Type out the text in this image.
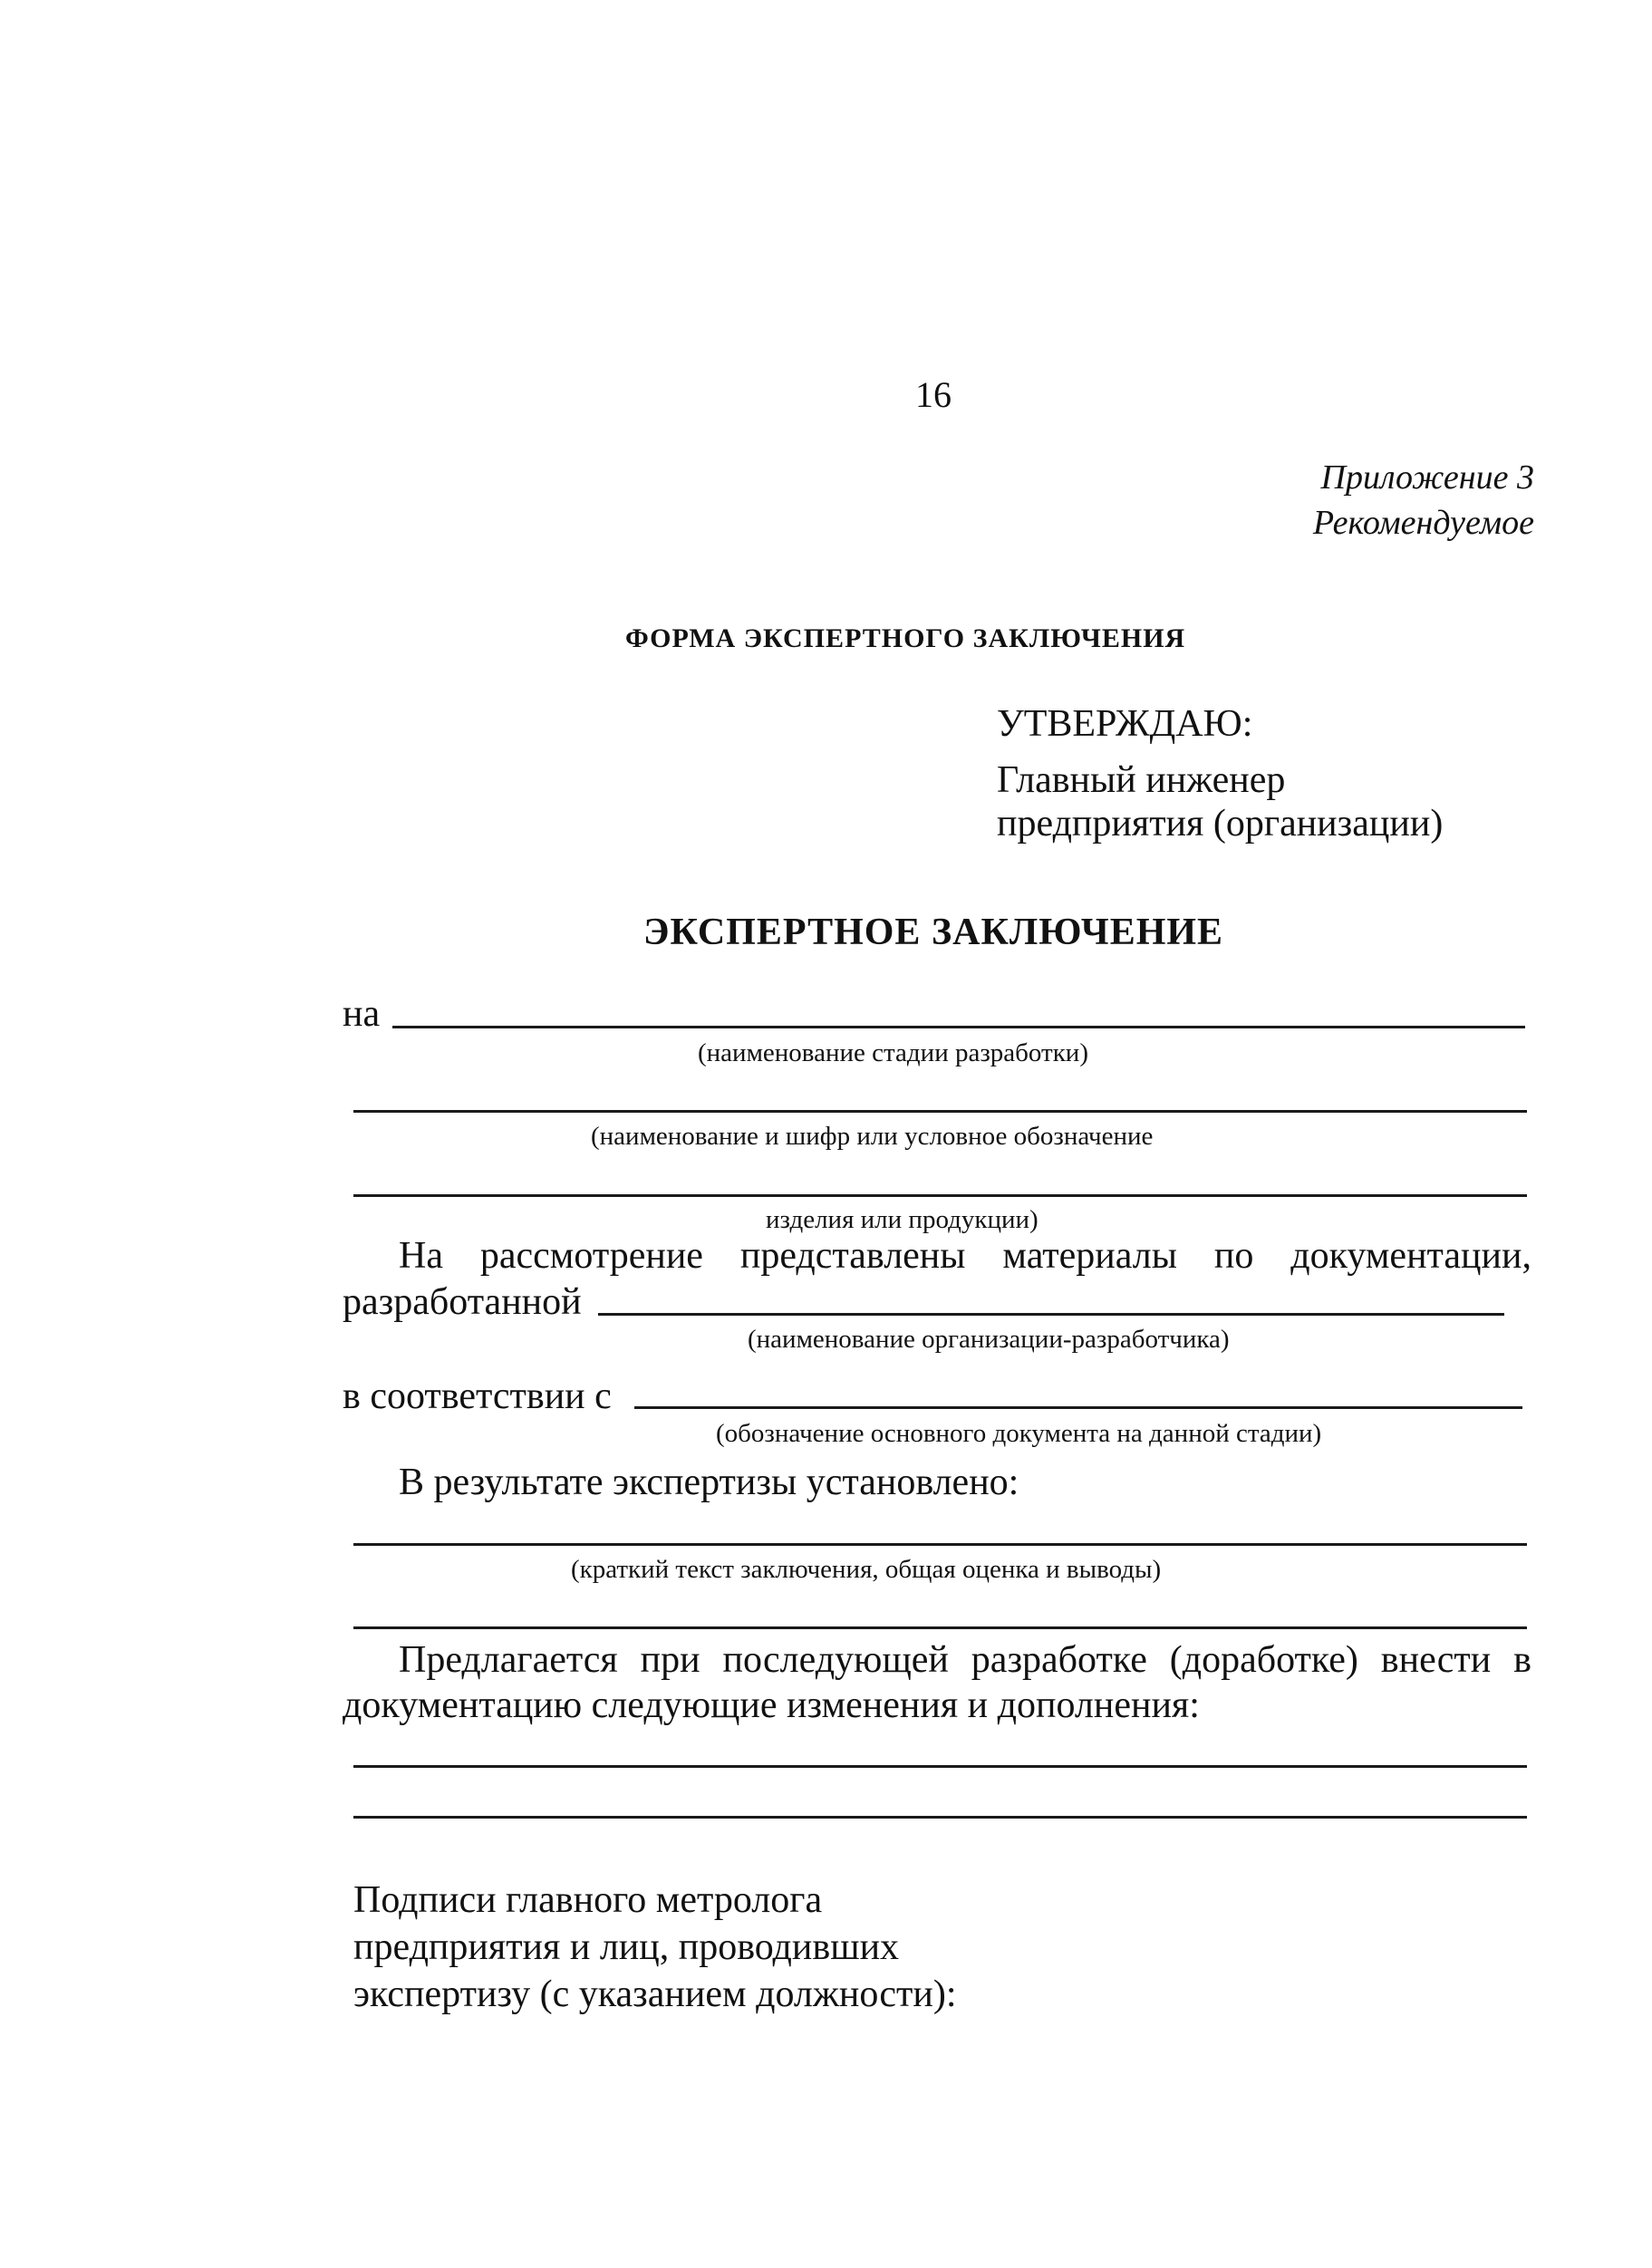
16
Приложение 3
Рекомендуемое
ФОРМА ЭКСПЕРТНОГО ЗАКЛЮЧЕНИЯ
УТВЕРЖДАЮ:
Главный инженер
предприятия (организации)
ЭКСПЕРТНОЕ ЗАКЛЮЧЕНИЕ
на
(наименование стадии разработки)
(наименование и шифр или условное обозначение
изделия или продукции)
На рассмотрение представлены материалы по документации,
разработанной
(наименование организации-разработчика)
в соответствии с
(обозначение основного документа на данной стадии)
В результате экспертизы установлено:
(краткий текст заключения, общая оценка и выводы)
Предлагается при последующей разработке (доработке) внести в
документацию следующие изменения и дополнения:
Подписи главного метролога
предприятия и лиц, проводивших
экспертизу (с указанием должности):
